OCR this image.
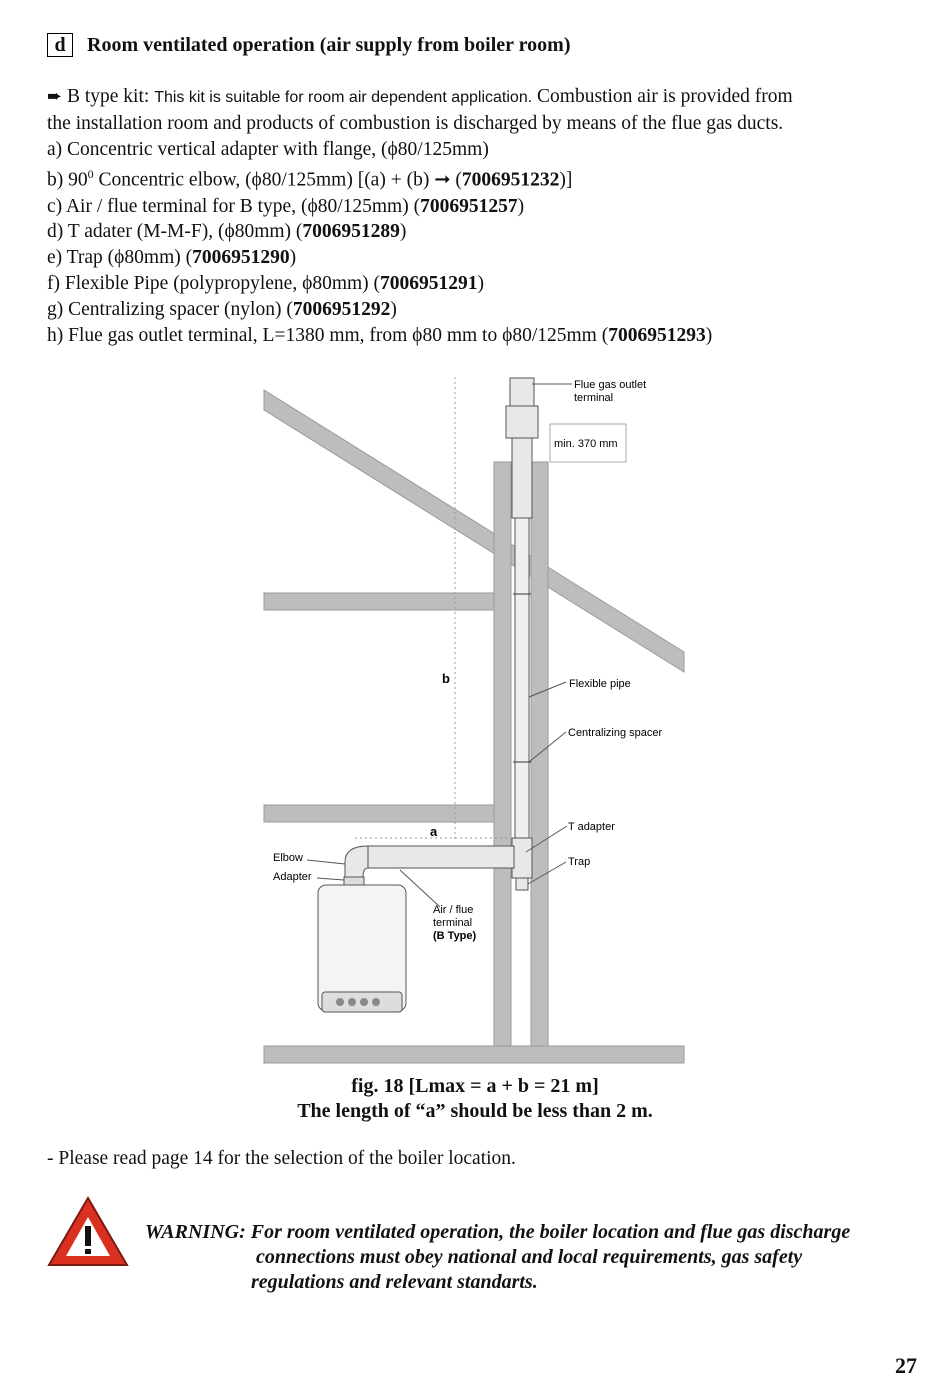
d	Room ventilated operation (air supply from boiler room)

➨ B type kit: This kit is suitable for room air dependent application. Combustion air is provided from

the installation room and products of combustion is discharged by means of the flue gas ducts.

a) Concentric vertical adapter with flange, (ϕ80/125mm)

b) $90^0$ Concentric elbow, (ϕ80/125mm) [(a) + (b) ➞ (7006951232)]

c) Air / flue terminal for B type, (ϕ80/125mm) (7006951257)

d) T adater (M-M-F), (ϕ80mm) (7006951289)

e) Trap (ϕ80mm) (7006951290)

f) Flexible Pipe (polypropylene, ϕ80mm) (7006951291)

g) Centralizing spacer (nylon) (7006951292)

h) Flue gas outlet terminal, L=1380 mm, from ϕ80 mm to ϕ80/125mm (7006951293)

Flue gas outlet
terminal
min. 370 mm
b
a
Flexible pipe
Centralizing spacer
T adapter
Trap
Elbow
Adapter
Air / flue
terminal
(B Type)
fig. 18 [Lmax = a + b = 21 m]
The length of “a” should be less than 2 m.
- Please read page 14 for the selection of the boiler location.
WARNING: For room ventilated operation, the boiler location and flue gas discharge
connections must obey national and local requirements, gas safety
regulations and relevant standarts.
27
